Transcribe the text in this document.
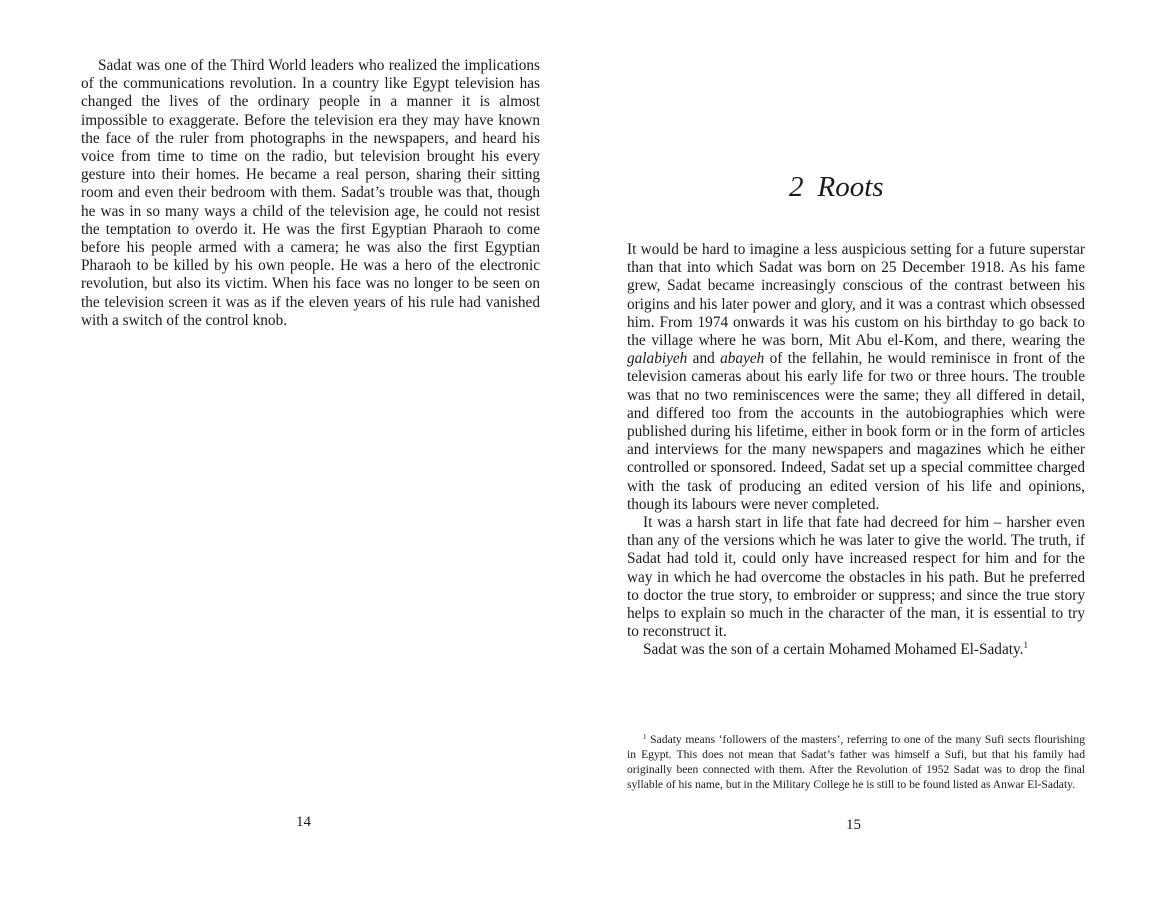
Sadat was one of the Third World leaders who realized the implications of the communications revolution. In a country like Egypt television has changed the lives of the ordinary people in a manner it is almost impossible to exaggerate. Before the television era they may have known the face of the ruler from photographs in the newspapers, and heard his voice from time to time on the radio, but television brought his every gesture into their homes. He became a real person, sharing their sitting room and even their bedroom with them. Sadat’s trouble was that, though he was in so many ways a child of the television age, he could not resist the temptation to overdo it. He was the first Egyptian Pharaoh to come before his people armed with a camera; he was also the first Egyptian Pharaoh to be killed by his own people. He was a hero of the electronic revolution, but also its victim. When his face was no longer to be seen on the television screen it was as if the eleven years of his rule had vanished with a switch of the control knob.

14

2 Roots

It would be hard to imagine a less auspicious setting for a future superstar than that into which Sadat was born on 25 December 1918. As his fame grew, Sadat became increasingly conscious of the contrast between his origins and his later power and glory, and it was a contrast which obsessed him. From 1974 onwards it was his custom on his birthday to go back to the village where he was born, Mit Abu el-Kom, and there, wearing the galabiyeh and abayeh of the fellahin, he would reminisce in front of the television cameras about his early life for two or three hours. The trouble was that no two reminiscences were the same; they all differed in detail, and differed too from the accounts in the autobiographies which were published during his lifetime, either in book form or in the form of articles and interviews for the many newspapers and magazines which he either controlled or sponsored. Indeed, Sadat set up a special committee charged with the task of producing an edited version of his life and opinions, though its labours were never completed.

It was a harsh start in life that fate had decreed for him – harsher even than any of the versions which he was later to give the world. The truth, if Sadat had told it, could only have increased respect for him and for the way in which he had overcome the obstacles in his path. But he preferred to doctor the true story, to embroider or suppress; and since the true story helps to explain so much in the character of the man, it is essential to try to reconstruct it.

Sadat was the son of a certain Mohamed Mohamed El-Sadaty.$^1$

$^1$ Sadaty means ‘followers of the masters’, referring to one of the many Sufi sects flourishing in Egypt. This does not mean that Sadat’s father was himself a Sufi, but that his family had originally been connected with them. After the Revolution of 1952 Sadat was to drop the final syllable of his name, but in the Military College he is still to be found listed as Anwar El-Sadaty.

15
